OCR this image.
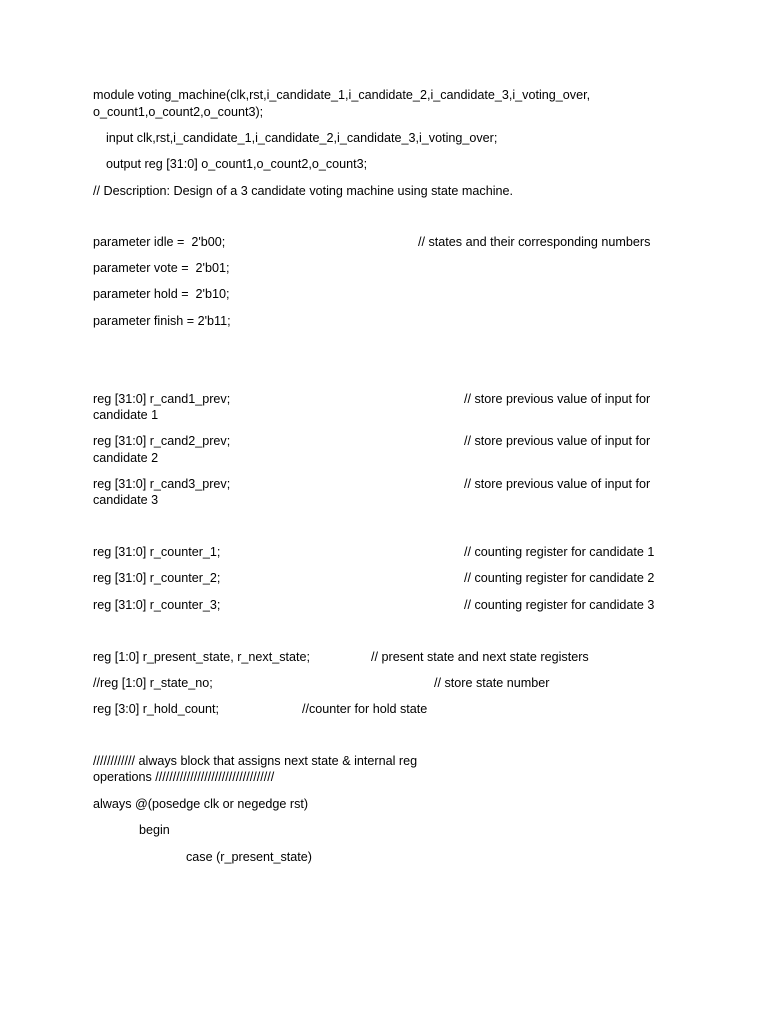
module voting_machine(clk,rst,i_candidate_1,i_candidate_2,i_candidate_3,i_voting_over, o_count1,o_count2,o_count3);
input clk,rst,i_candidate_1,i_candidate_2,i_candidate_3,i_voting_over;
output reg [31:0] o_count1,o_count2,o_count3;
// Description: Design of a 3 candidate voting machine using state machine.
parameter idle =  2'b00;	// states and their corresponding numbers
parameter vote =  2'b01;
parameter hold =  2'b10;
parameter finish = 2'b11;
reg [31:0] r_cand1_prev;	// store previous value of input for
candidate 1
reg [31:0] r_cand2_prev;	// store previous value of input for
candidate 2
reg [31:0] r_cand3_prev;	// store previous value of input for
candidate 3
reg [31:0] r_counter_1;	// counting register for candidate 1
reg [31:0] r_counter_2;	// counting register for candidate 2
reg [31:0] r_counter_3;	// counting register for candidate 3
reg [1:0] r_present_state, r_next_state;	// present state and next state registers
//reg [1:0] r_state_no;	// store state number
reg [3:0] r_hold_count;	//counter for hold state
//////////// always block that assigns next state & internal reg
operations //////////////////////////////////
always @(posedge clk or negedge rst)
begin
case (r_present_state)
